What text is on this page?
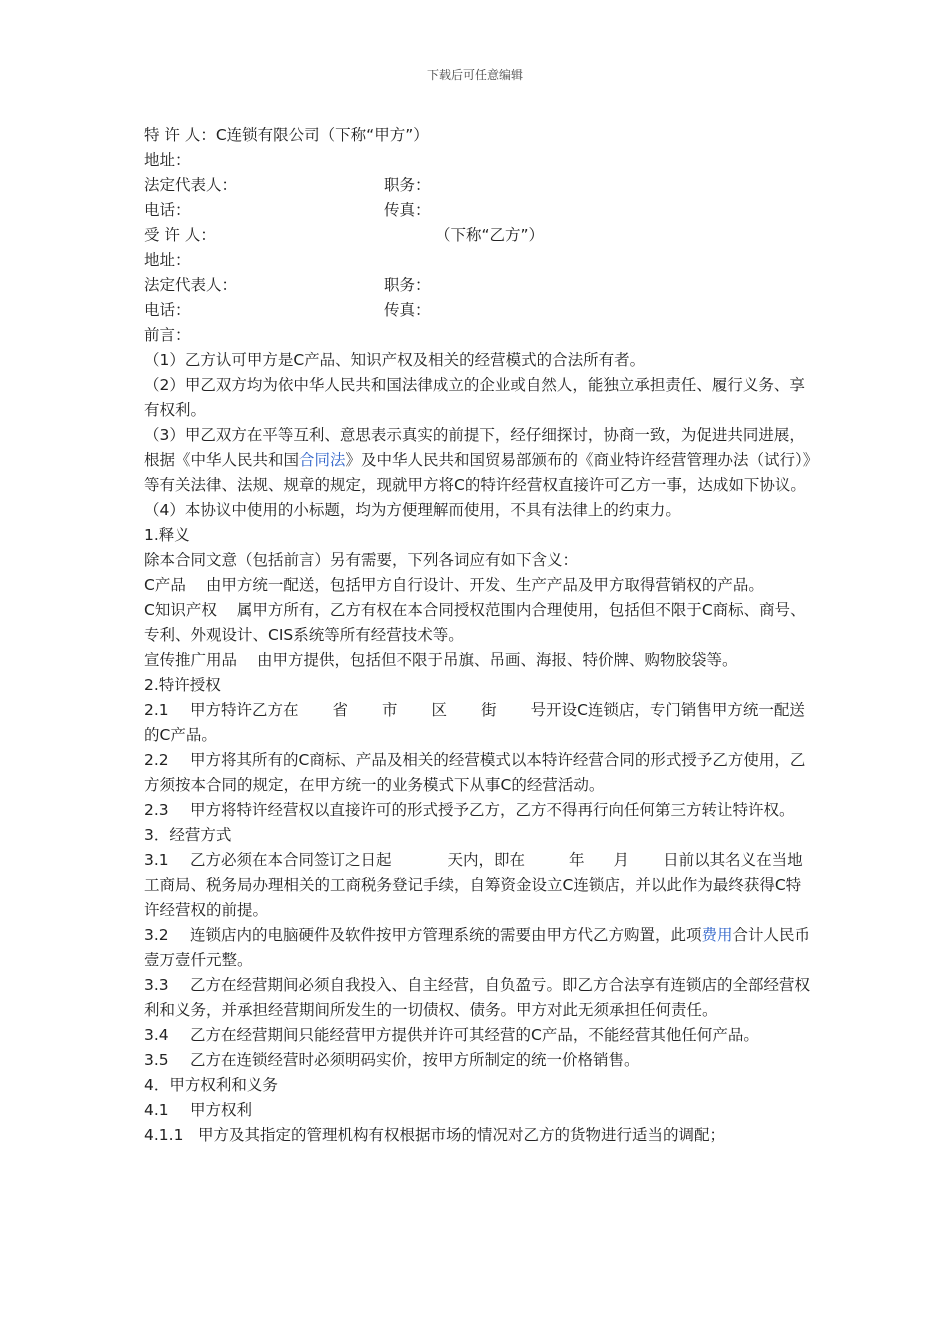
下载后可任意编辑

特 许 人：C连锁有限公司（下称“甲方”）

地址：

法定代表人：	职务：

电话：	传真：

受 许 人：	（下称“乙方”）

地址：

法定代表人：	职务：

电话：	传真：

前言：

（1）乙方认可甲方是C产品、知识产权及相关的经营模式的合法所有者。

（2）甲乙双方均为依中华人民共和国法律成立的企业或自然人，能独立承担责任、履行义务、享有权利。

（3）甲乙双方在平等互利、意思表示真实的前提下，经仔细探讨，协商一致，为促进共同进展，根据《中华人民共和国合同法》及中华人民共和国贸易部颁布的《商业特许经营管理办法（试行）》等有关法律、法规、规章的规定，现就甲方将C的特许经营权直接许可乙方一事，达成如下协议。

（4）本协议中使用的小标题，均为方便理解而使用，不具有法律上的约束力。

1.释义

除本合同文意（包括前言）另有需要，下列各词应有如下含义：

C产品 由甲方统一配送，包括甲方自行设计、开发、生产产品及甲方取得营销权的产品。

C知识产权 属甲方所有，乙方有权在本合同授权范围内合理使用，包括但不限于C商标、商号、专利、外观设计、CIS系统等所有经营技术等。

宣传推广用品 由甲方提供，包括但不限于吊旗、吊画、海报、特价牌、购物胶袋等。

2.特许授权

2.1 甲方特许乙方在 省 市 区 街 号开设C连锁店，专门销售甲方统一配送的C产品。

2.2 甲方将其所有的C商标、产品及相关的经营模式以本特许经营合同的形式授予乙方使用，乙方须按本合同的规定，在甲方统一的业务模式下从事C的经营活动。

2.3 甲方将特许经营权以直接许可的形式授予乙方，乙方不得再行向任何第三方转让特许权。

3．经营方式

3.1 乙方必须在本合同签订之日起	天内，即在	年 月 日前以其名义在当地工商局、税务局办理相关的工商税务登记手续，自筹资金设立C连锁店，并以此作为最终获得C特许经营权的前提。

3.2 连锁店内的电脑硬件及软件按甲方管理系统的需要由甲方代乙方购置，此项费用合计人民币壹万壹仟元整。

3.3 乙方在经营期间必须自我投入、自主经营，自负盈亏。即乙方合法享有连锁店的全部经营权利和义务，并承担经营期间所发生的一切债权、债务。甲方对此无须承担任何责任。

3.4 乙方在经营期间只能经营甲方提供并许可其经营的C产品，不能经营其他任何产品。

3.5 乙方在连锁经营时必须明码实价，按甲方所制定的统一价格销售。

4．甲方权利和义务

4.1 甲方权利

4.1.1 甲方及其指定的管理机构有权根据市场的情况对乙方的货物进行适当的调配；
